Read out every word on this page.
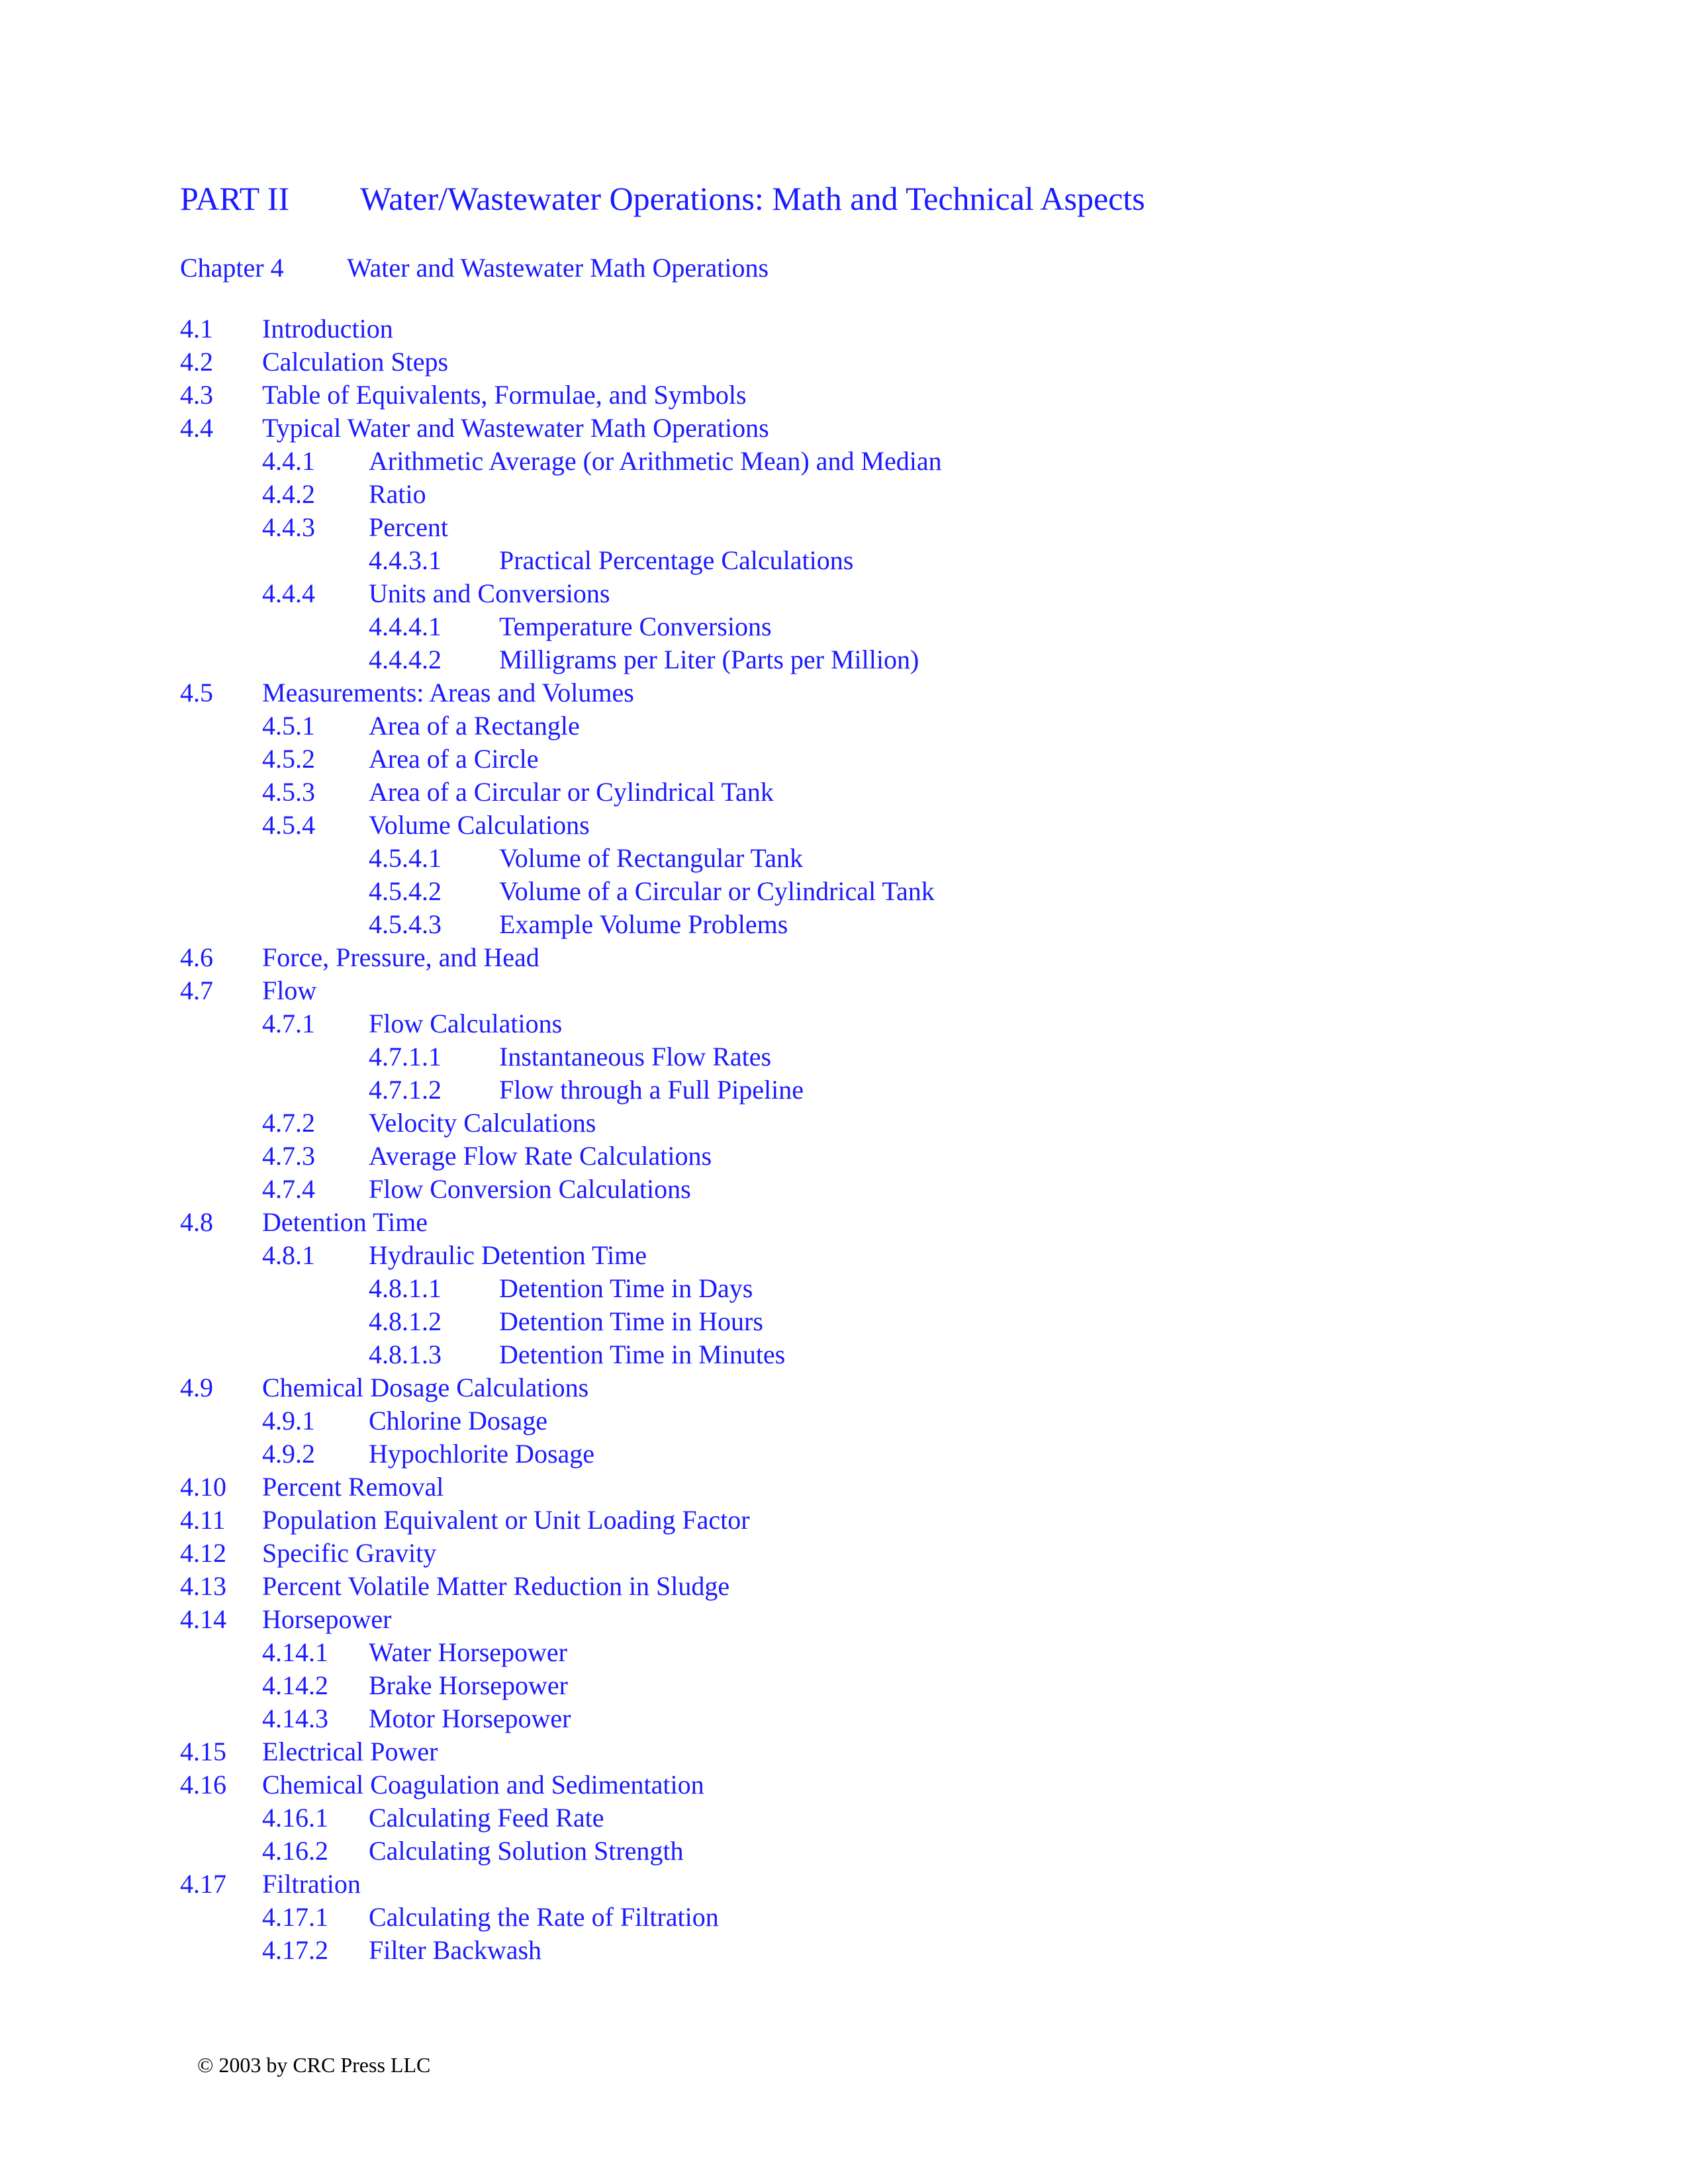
PART II Water/Wastewater Operations: Math and Technical Aspects
Chapter 4 Water and Wastewater Math Operations
4.1 Introduction
4.2 Calculation Steps
4.3 Table of Equivalents, Formulae, and Symbols
4.4 Typical Water and Wastewater Math Operations
4.4.1 Arithmetic Average (or Arithmetic Mean) and Median
4.4.2 Ratio
4.4.3 Percent
4.4.3.1 Practical Percentage Calculations
4.4.4 Units and Conversions
4.4.4.1 Temperature Conversions
4.4.4.2 Milligrams per Liter (Parts per Million)
4.5 Measurements: Areas and Volumes
4.5.1 Area of a Rectangle
4.5.2 Area of a Circle
4.5.3 Area of a Circular or Cylindrical Tank
4.5.4 Volume Calculations
4.5.4.1 Volume of Rectangular Tank
4.5.4.2 Volume of a Circular or Cylindrical Tank
4.5.4.3 Example Volume Problems
4.6 Force, Pressure, and Head
4.7 Flow
4.7.1 Flow Calculations
4.7.1.1 Instantaneous Flow Rates
4.7.1.2 Flow through a Full Pipeline
4.7.2 Velocity Calculations
4.7.3 Average Flow Rate Calculations
4.7.4 Flow Conversion Calculations
4.8 Detention Time
4.8.1 Hydraulic Detention Time
4.8.1.1 Detention Time in Days
4.8.1.2 Detention Time in Hours
4.8.1.3 Detention Time in Minutes
4.9 Chemical Dosage Calculations
4.9.1 Chlorine Dosage
4.9.2 Hypochlorite Dosage
4.10 Percent Removal
4.11 Population Equivalent or Unit Loading Factor
4.12 Specific Gravity
4.13 Percent Volatile Matter Reduction in Sludge
4.14 Horsepower
4.14.1 Water Horsepower
4.14.2 Brake Horsepower
4.14.3 Motor Horsepower
4.15 Electrical Power
4.16 Chemical Coagulation and Sedimentation
4.16.1 Calculating Feed Rate
4.16.2 Calculating Solution Strength
4.17 Filtration
4.17.1 Calculating the Rate of Filtration
4.17.2 Filter Backwash
© 2003 by CRC Press LLC
